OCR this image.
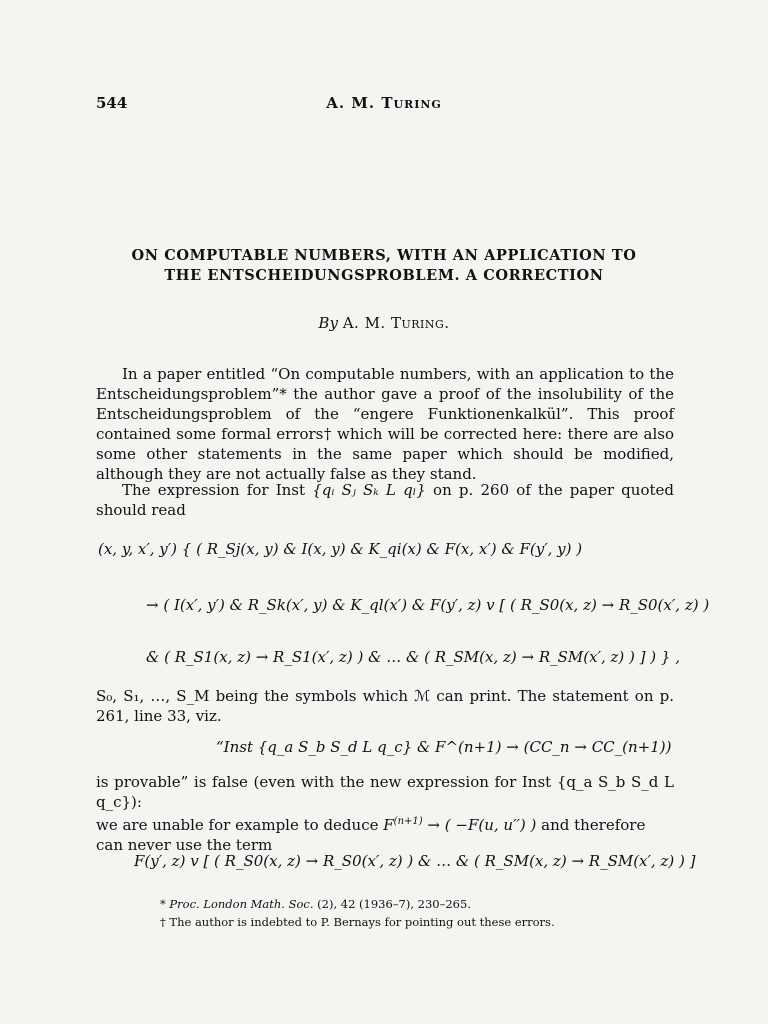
544	A. M. Turing
ON COMPUTABLE NUMBERS, WITH AN APPLICATION TO
THE ENTSCHEIDUNGSPROBLEM. A CORRECTION
By A. M. Turing.

In a paper entitled “On computable numbers, with an application to the Entscheidungsproblem”* the author gave a proof of the insolubility of the Entscheidungsproblem of the “engere Funktionenkalkül”. This proof contained some formal errors† which will be corrected here: there are also some other statements in the same paper which should be modified, although they are not actually false as they stand.

The expression for Inst {qᵢ Sⱼ Sₖ L qₗ} on p. 260 of the paper quoted should read

(x, y, x′, y′) { ( R_Sj(x, y) & I(x, y) & K_qi(x) & F(x, x′) & F(y′, y) )
→ ( I(x′, y′) & R_Sk(x′, y) & K_ql(x′) & F(y′, z) v [ ( R_S0(x, z) → R_S0(x′, z) )
& ( R_S1(x, z) → R_S1(x′, z) ) & … & ( R_SM(x, z) → R_SM(x′, z) ) ] ) } ,

S₀, S₁, …, S_M being the symbols which ℳ can print. The statement on p. 261, line 33, viz.

“Inst {q_a S_b S_d L q_c} & F^(n+1) → (CC_n → CC_(n+1))
is provable” is false (even with the new expression for Inst {q_a S_b S_d L q_c}):
we are unable for example to deduce $F^{(n+1)}$ → ( −F(u, u′′) ) and therefore
can never use the term
F(y′, z) v [ ( R_S0(x, z) → R_S0(x′, z) ) & … & ( R_SM(x, z) → R_SM(x′, z) ) ]
* Proc. London Math. Soc. (2), 42 (1936–7), 230–265.
† The author is indebted to P. Bernays for pointing out these errors.
